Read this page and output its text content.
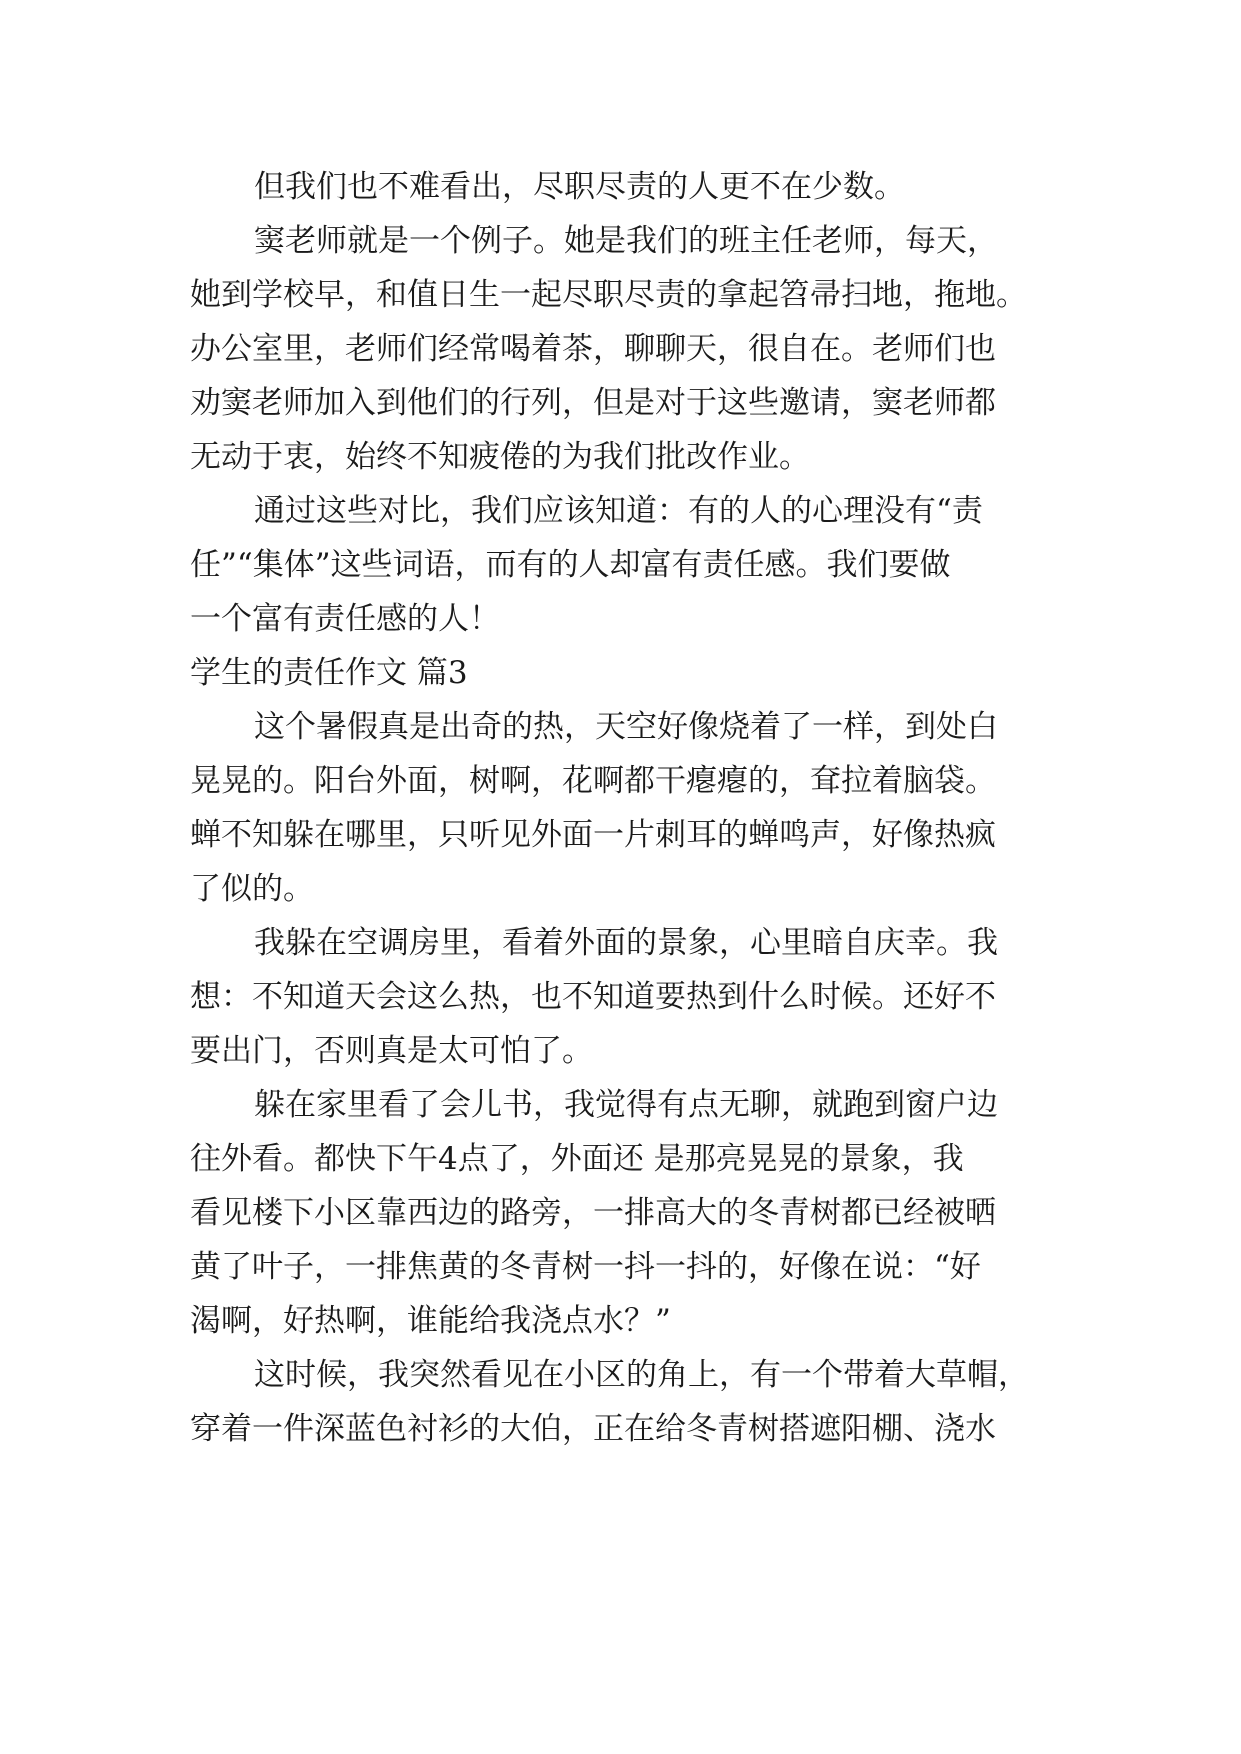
但我们也不难看出，尽职尽责的人更不在少数。

窦老师就是一个例子。她是我们的班主任老师，每天，
她到学校早，和值日生一起尽职尽责的拿起笤帚扫地，拖地。
办公室里，老师们经常喝着茶，聊聊天，很自在。老师们也
劝窦老师加入到他们的行列，但是对于这些邀请，窦老师都
无动于衷，始终不知疲倦的为我们批改作业。

通过这些对比，我们应该知道：有的人的心理没有“责
任”“集体”这些词语，而有的人却富有责任感。我们要做
一个富有责任感的人！

学生的责任作文 篇3

这个暑假真是出奇的热，天空好像烧着了一样，到处白
晃晃的。阳台外面，树啊，花啊都干瘪瘪的，耷拉着脑袋。
蝉不知躲在哪里，只听见外面一片刺耳的蝉鸣声，好像热疯
了似的。

我躲在空调房里，看着外面的景象，心里暗自庆幸。我
想：不知道天会这么热，也不知道要热到什么时候。还好不
要出门，否则真是太可怕了。

躲在家里看了会儿书，我觉得有点无聊，就跑到窗户边
往外看。都快下午4点了，外面还 是那亮晃晃的景象，我
看见楼下小区靠西边的路旁，一排高大的冬青树都已经被晒
黄了叶子，一排焦黄的冬青树一抖一抖的，好像在说：“好
渴啊，好热啊，谁能给我浇点水？”

这时候，我突然看见在小区的角上，有一个带着大草帽，
穿着一件深蓝色衬衫的大伯，正在给冬青树搭遮阳棚、浇水
